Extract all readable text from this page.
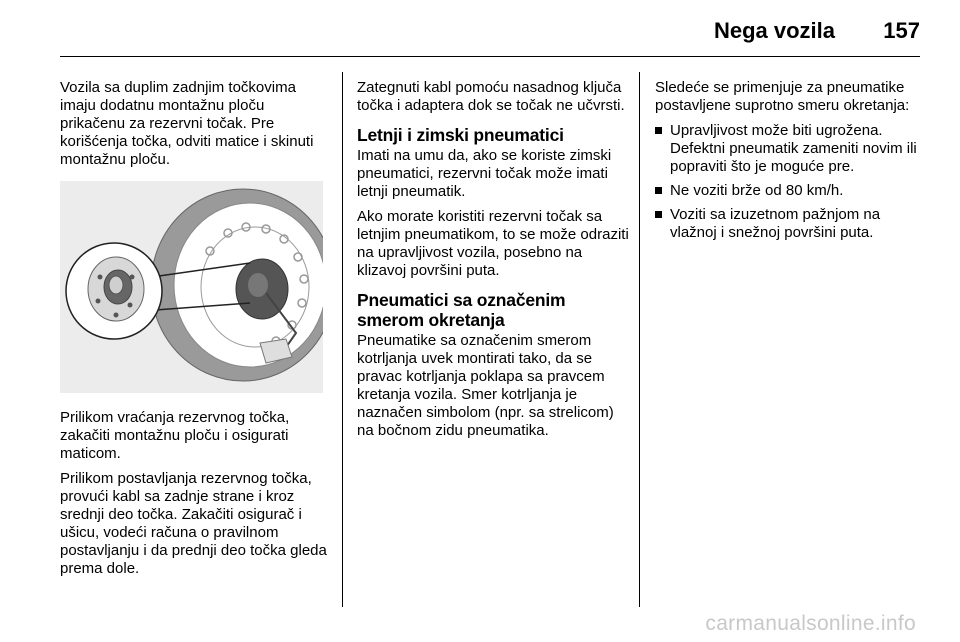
Nega vozila 157

Vozila sa duplim zadnjim točkovima imaju dodatnu montažnu ploču prikačenu za rezervni točak. Pre korišćenja točka, odviti matice i skinuti montažnu ploču.

Prilikom vraćanja rezervnog točka, zakačiti montažnu ploču i osigurati maticom.

Prilikom postavljanja rezervnog točka, provući kabl sa zadnje strane i kroz srednji deo točka. Zakačiti osigurač i ušicu, vodeći računa o pravilnom postavljanju i da prednji deo točka gleda prema dole.

Zategnuti kabl pomoću nasadnog ključa točka i adaptera dok se točak ne učvrsti.

Letnji i zimski pneumatici

Imati na umu da, ako se koriste zimski pneumatici, rezervni točak može imati letnji pneumatik.

Ako morate koristiti rezervni točak sa letnjim pneumatikom, to se može odraziti na upravljivost vozila, posebno na klizavoj površini puta.

Pneumatici sa označenim smerom okretanja

Pneumatike sa označenim smerom kotrljanja uvek montirati tako, da se pravac kotrljanja poklapa sa pravcem kretanja vozila. Smer kotrljanja je naznačen simbolom (npr. sa strelicom) na bočnom zidu pneumatika.

Sledeće se primenjuje za pneumatike postavljene suprotno smeru okretanja:

Upravljivost može biti ugrožena. Defektni pneumatik zameniti novim ili popraviti što je moguće pre.
Ne voziti brže od 80 km/h.
Voziti sa izuzetnom pažnjom na vlažnoj i snežnoj površini puta.
carmanualsonline.info
